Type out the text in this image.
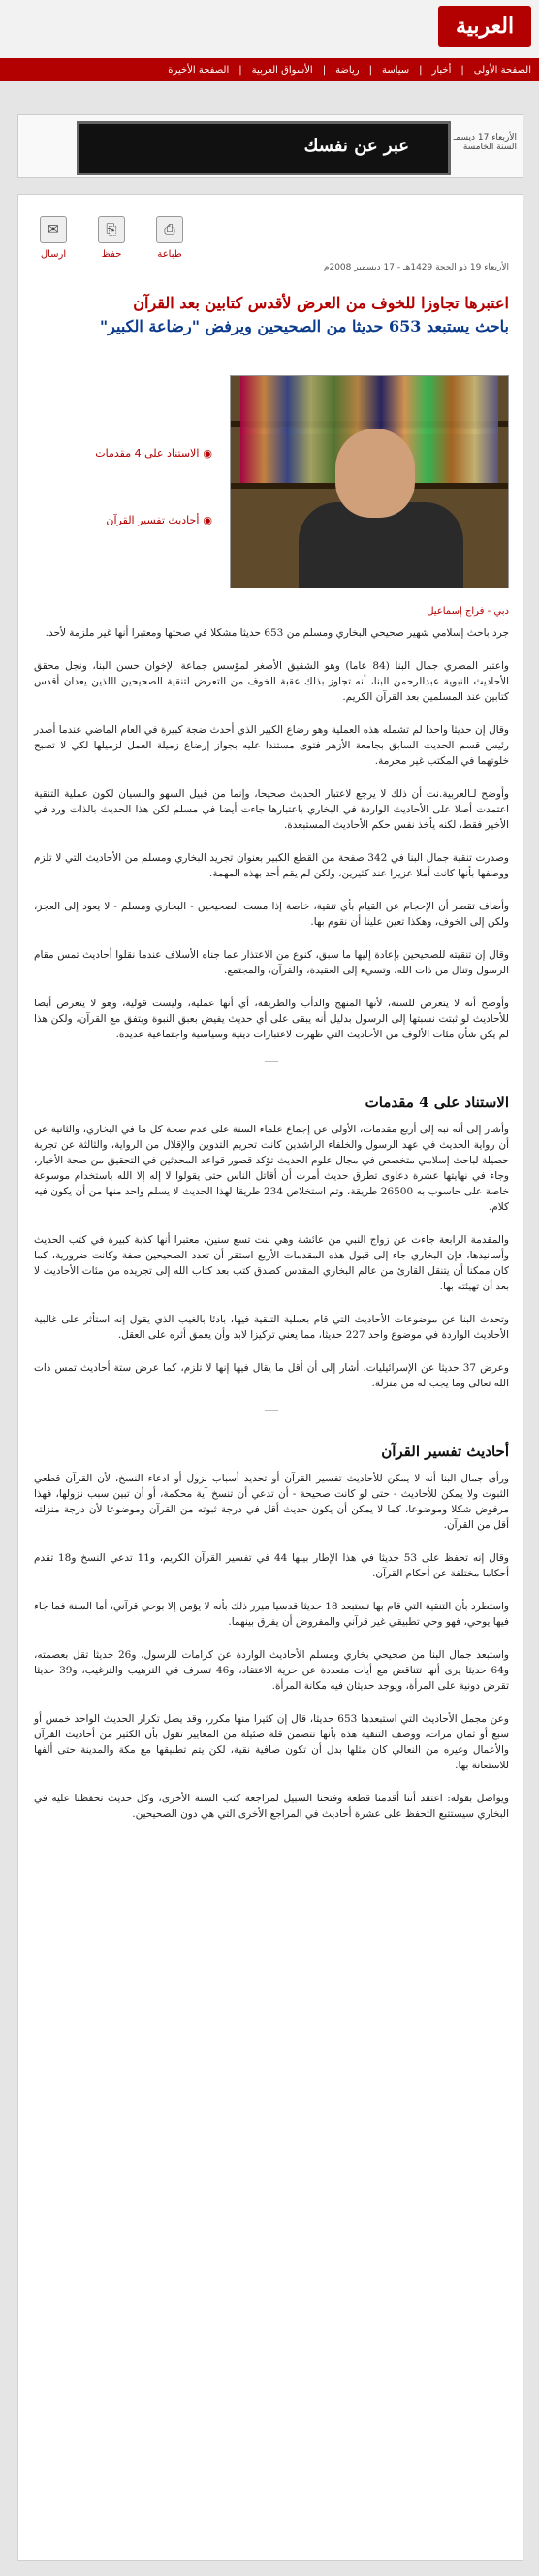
العربية
الصفحة الأولى
|
أخبار
|
سياسة
|
رياضة
|
الأسواق العربية
|
الصفحة الأخيرة
عبر عن نفسك	الأربعاء 17 ديسمـ
السنة الخامسة
الأربعاء 19 ذو الحجة 1429هـ - 17 ديسمبر 2008م
✉
ارسال
⎘
حفظ
⎙
طباعة
اعتبرها تجاوزا للخوف من العرض لأقدس كتابين بعد القرآن
باحث يستبعد 653 حديثا من الصحيحين ويرفض "رضاعة الكبير"
◉الاستناد على 4 مقدمات
◉أحاديث تفسير القرآن
دبي - فراج إسماعيل

جرد باحث إسلامي شهير صحيحي البخاري ومسلم من 653 حديثا مشكلا في صحتها ومعتبرا أنها غير ملزمة لأحد.

واعتبر المصري جمال البنا (84 عاما) وهو الشقيق الأصغر لمؤسس جماعة الإخوان حسن البنا، ونجل محقق الأحاديث النبوية عبدالرحمن البنا، أنه تجاوز بذلك عقبة الخوف من التعرض لتنقية الصحيحين اللذين يعدان أقدس كتابين عند المسلمين بعد القرآن الكريم.

وقال إن حديثا واحدا لم تشمله هذه العملية وهو رضاع الكبير الذي أحدث ضجة كبيرة في العام الماضي عندما أصدر رئيس قسم الحديث السابق بجامعة الأزهر فتوى مستندا عليه بجواز إرضاع زميلة العمل لزميلها لكي لا تصبح خلوتهما في المكتب غير محرمة.

وأوضح لـالعربية.نت أن ذلك لا يرجع لاعتبار الحديث صحيحا، وإنما من قبيل السهو والنسيان لكون عملية التنقية اعتمدت أصلا على الأحاديث الواردة في البخاري باعتبارها جاءت أيضا في مسلم لكن هذا الحديث بالذات ورد في الأخير فقط، لكنه يأخذ نفس حكم الأحاديث المستبعدة.

وصدرت تنقية جمال البنا في 342 صفحة من القطع الكبير بعنوان تجريد البخاري ومسلم من الأحاديث التي لا تلزم ووصفها بأنها كانت أملا عزيزا عند كثيرين، ولكن لم يقم أحد بهذه المهمة.

وأضاف تقصر أن الإحجام عن القيام بأي تنقية، خاصة إذا مست الصحيحين - البخاري ومسلم - لا يعود إلى العجز، ولكن إلى الخوف، وهكذا تعين علينا أن نقوم بها.

وقال إن تنقيته للصحيحين بإعادة إليها ما سبق، كنوع من الاعتذار عما جناه الأسلاف عندما نقلوا أحاديث تمس مقام الرسول وتنال من ذات الله، وتسيء إلى العقيدة، والقرآن، والمجتمع.

وأوضح أنه لا يتعرض للسنة، لأنها المنهج والدأب والطريقة، أي أنها عملية، وليست قولية، وهو لا يتعرض أيضا للأحاديث لو ثبتت نسبتها إلى الرسول بدليل أنه يبقى على أي حديث يفيض بعبق النبوة ويتفق مع القرآن، ولكن هذا لم يكن شأن مئات الألوف من الأحاديث التي ظهرت لاعتبارات دينية وسياسية واجتماعية عديدة.

الاستناد على 4 مقدمات

وأشار إلى أنه نبه إلى أربع مقدمات، الأولى عن إجماع علماء السنة على عدم صحة كل ما في البخاري، والثانية عن أن رواية الحديث في عهد الرسول والخلفاء الراشدين كانت تحريم التدوين والإقلال من الرواية، والثالثة عن تجربة حصيلة لباحث إسلامي متخصص في مجال علوم الحديث تؤكد قصور قواعد المحدثين في التحقيق من صحة الأخبار، وجاء في نهايتها عشرة دعاوى تطرق حديث أمرت أن أقاتل الناس حتى يقولوا لا إله إلا الله باستخدام موسوعة خاصة على حاسوب به 26500 طريقة، وتم استخلاص 234 طريقا لهذا الحديث لا يسلم واحد منها من أن يكون فيه كلام.

والمقدمة الرابعة جاءت عن زواج النبي من عائشة وهي بنت تسع سنين، معتبرا أنها كذبة كبيرة في كتب الحديث وأسانيدها، فإن البخاري جاء إلى قبول هذه المقدمات الأربع استقر أن تعدد الصحيحين صفة وكانت ضرورية، كما كان ممكنا أن يتنقل القارئ من عالم البخاري المقدس كصدق كتب بعد كتاب الله إلى تجريده من مئات الأحاديث لا بعد أن تهيئته بها.

وتحدث البنا عن موضوعات الأحاديث التي قام بعملية التنقية فيها، بادئا بالغيب الذي يقول إنه استأثر على غالبية الأحاديث الواردة في موضوع واحد 227 حديثا، مما يعني تركيزا لابد وأن يعمق أثره على العقل.

وعرض 37 حديثا عن الإسرائيليات، أشار إلى أن أقل ما يقال فيها إنها لا تلزم، كما عرض ستة أحاديث تمس ذات الله تعالى وما يجب له من منزلة.

أحاديث تفسير القرآن

ورأى جمال البنا أنه لا يمكن للأحاديث تفسير القرآن أو تحديد أسباب نزول أو ادعاء النسخ، لأن القرآن قطعي الثبوت ولا يمكن للأحاديث - حتى لو كانت صحيحة - أن تدعي أن تنسخ آية محكمة، أو أن تبين سبب نزولها، فهذا مرفوض شكلا وموضوعا، كما لا يمكن أن يكون حديث أقل في درجة ثبوته من القرآن وموضوعا لأن درجة منزلته أقل من القرآن.

وقال إنه تحفظ على 53 حديثا في هذا الإطار بينها 44 في تفسير القرآن الكريم، و11 تدعي النسخ و18 تقدم أحكاما مختلفة عن أحكام القرآن.

واستطرد بأن التنقية التي قام بها تستبعد 18 حديثا قدسيا ميرر ذلك بأنه لا يؤمن إلا بوحي قرآني، أما السنة فما جاء فيها يوحي، فهو وحي تطبيقي غير قرآني والمفروض أن يفرق بينهما.

واستبعد جمال البنا من صحيحي بخاري ومسلم الأحاديث الواردة عن كرامات للرسول، و26 حديثا تقل بعصمته، و64 حديثا يرى أنها تتناقض مع أيات متعددة عن حرية الاعتقاد، و46 تسرف في الترهيب والترغيب، و39 حديثا تقرض دونية على المرأة، ويوجد حديثان فيه مكانة المرأة.

وعن مجمل الأحاديث التي استبعدها 653 حديثا، قال إن كثيرا منها مكرر، وقد يصل تكرار الحديث الواحد خمس أو سبع أو ثمان مرات، ووصف التنقية هذه بأنها تتضمن قلة ضئيلة من المعايير تقول بأن الكثير من أحاديث القرآن والأعمال وغيره من النعالي كان مثلها بدل أن تكون صافية نقية، لكن يتم تطبيقها مع مكة والمدينة حتى ألفها للاستعانة بها.

ويواصل بقوله: اعتقد أننا أقدمنا قطعة وفتحنا السبيل لمراجعة كتب السنة الأخرى، وكل حديث تحفظنا عليه في البخاري سيستتبع التحفظ على عشرة أحاديث في المراجع الأخرى التي هي دون الصحيحين.
